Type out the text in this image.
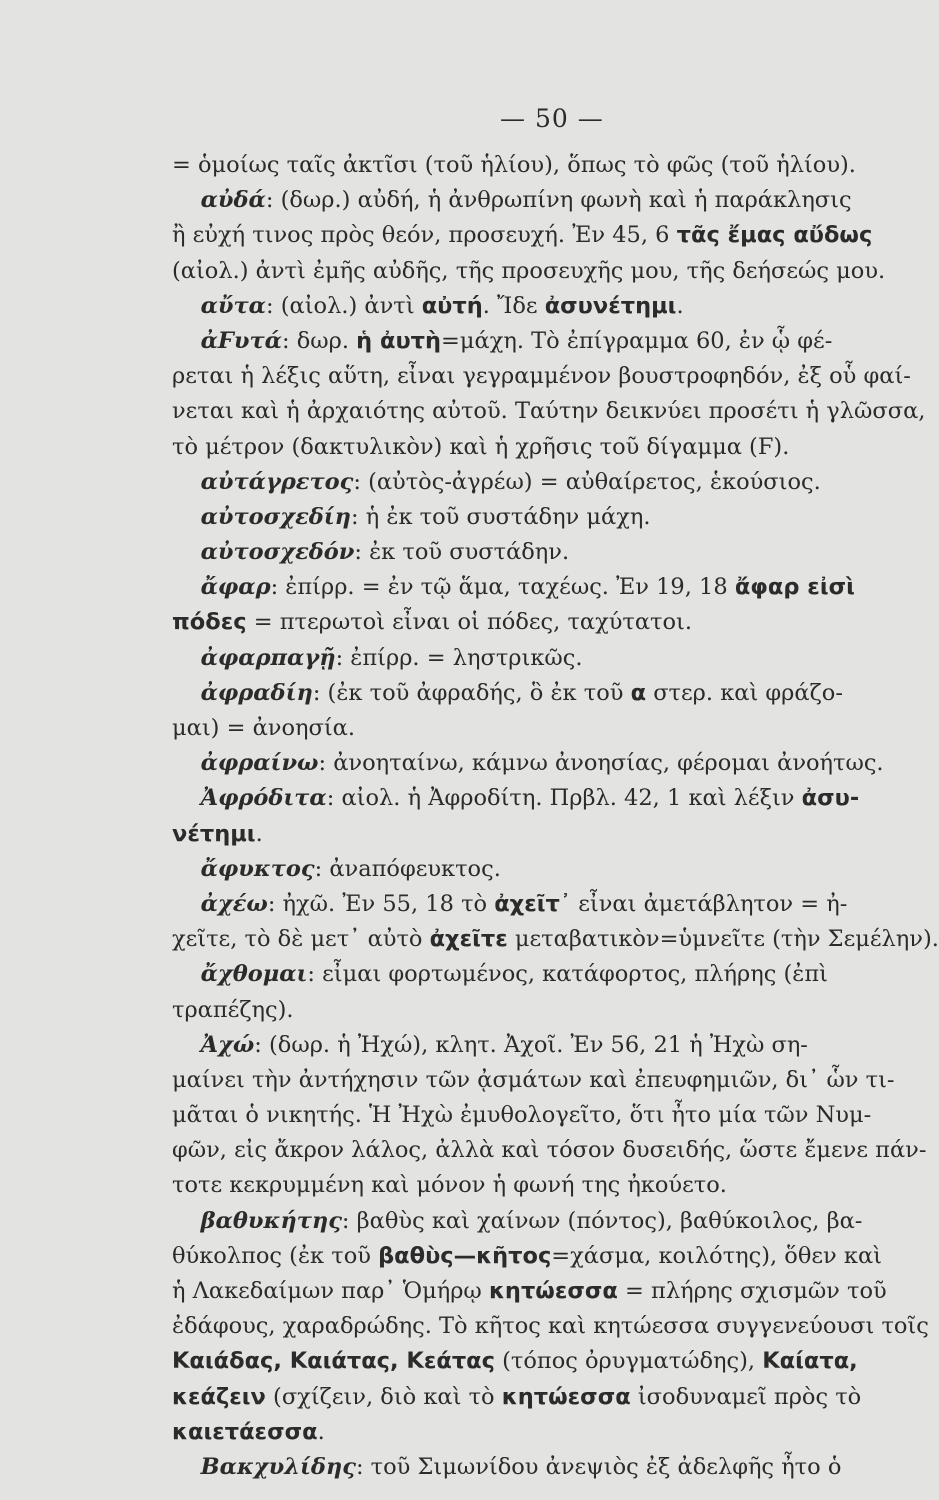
— 50 —
= ὁμοίως ταῖς ἀκτῖσι (τοῦ ἡλίου), ὅπως τὸ φῶς (τοῦ ἡλίου).
αὐδά: (δωρ.) αὐδή, ἡ ἀνθρωπίνη φωνὴ καὶ ἡ παράκλησις
ἢ εὐχή τινος πρὸς θεόν, προσευχή. Ἐν 45, 6 τᾶς ἔμας αὔδως
(αἰολ.) ἀντὶ ἐμῆς αὐδῆς, τῆς προσευχῆς μου, τῆς δεήσεώς μου.
αὔτα: (αἰολ.) ἀντὶ αὐτή. Ἴδε ἀσυνέτημι.
ἀϜυτά: δωρ. ἡ ἀυτὴ=μάχη. Τὸ ἐπίγραμμα 60, ἐν ᾧ φέ-
ρεται ἡ λέξις αὕτη, εἶναι γεγραμμένον βουστροφηδόν, ἐξ οὗ φαί-
νεται καὶ ἡ ἀρχαιότης αὐτοῦ. Ταύτην δεικνύει προσέτι ἡ γλῶσσα,
τὸ μέτρον (δακτυλικὸν) καὶ ἡ χρῆσις τοῦ δίγαμμα (Ϝ).
αὐτάγρετος: (αὐτὸς-ἀγρέω) = αὐθαίρετος, ἑκούσιος.
αὐτοσχεδίη: ἡ ἐκ τοῦ συστάδην μάχη.
αὐτοσχεδόν: ἐκ τοῦ συστάδην.
ἄφαρ: ἐπίρρ. = ἐν τῷ ἅμα, ταχέως. Ἐν 19, 18 ἄφαρ εἰσὶ
πόδες = πτερωτοὶ εἶναι οἱ πόδες, ταχύτατοι.
ἀφαρπαγῇ: ἐπίρρ. = ληστρικῶς.
ἀφραδίη: (ἐκ τοῦ ἀφραδής, ὃ ἐκ τοῦ α στερ. καὶ φράζο-
μαι) = ἀνοησία.
ἀφραίνω: ἀνοηταίνω, κάμνω ἀνοησίας, φέρομαι ἀνοήτως.
Ἀφρόδιτα: αἰολ. ἡ Ἀφροδίτη. Πρβλ. 42, 1 καὶ λέξιν ἀσυ-
νέτημι.
ἄφυκτος: ἀνaπόφευκτος.
ἀχέω: ἠχῶ. Ἐν 55, 18 τὸ ἀχεῖτ᾿ εἶναι ἀμετάβλητον = ἠ-
χεῖτε, τὸ δὲ μετ᾿ αὐτὸ ἀχεῖτε μεταβατικὸν=ὑμνεῖτε (τὴν Σεμέλην).
ἄχθομαι: εἶμαι φορτωμένος, κατάφορτος, πλήρης (ἐπὶ
τραπέζης).
Ἀχώ: (δωρ. ἡ Ἠχώ), κλητ. Ἀχοῖ. Ἐν 56, 21 ἡ Ἠχὼ ση-
μαίνει τὴν ἀντήχησιν τῶν ᾀσμάτων καὶ ἐπευφημιῶν, δι᾿ ὧν τι-
μᾶται ὁ νικητής. Ἡ Ἠχὼ ἐμυθολογεῖτο, ὅτι ἦτο μία τῶν Νυμ-
φῶν, εἰς ἄκρον λάλος, ἀλλὰ καὶ τόσον δυσειδής, ὥστε ἔμενε πάν-
τοτε κεκρυμμένη καὶ μόνον ἡ φωνή της ἠκούετο.
βαθυκήτης: βαθὺς καὶ χαίνων (πόντος), βαθύκοιλος, βα-
θύκολπος (ἐκ τοῦ βαθὺς—κῆτος=χάσμα, κοιλότης), ὅθεν καὶ
ἡ Λακεδαίμων παρ᾿ Ὁμήρῳ κητώεσσα = πλήρης σχισμῶν τοῦ
ἐδάφους, χαραδρώδης. Τὸ κῆτος καὶ κητώεσσα συγγενεύουσι τοῖς
Καιάδας, Καιάτας, Κεάτας (τόπος ὀρυγματώδης), Καίατα,
κεάζειν (σχίζειν, διὸ καὶ τὸ κητώεσσα ἰσοδυναμεῖ πρὸς τὸ
καιετάεσσα.
Βακχυλίδης: τοῦ Σιμωνίδου ἀνεψιὸς ἐξ ἀδελφῆς ἦτο ὁ
